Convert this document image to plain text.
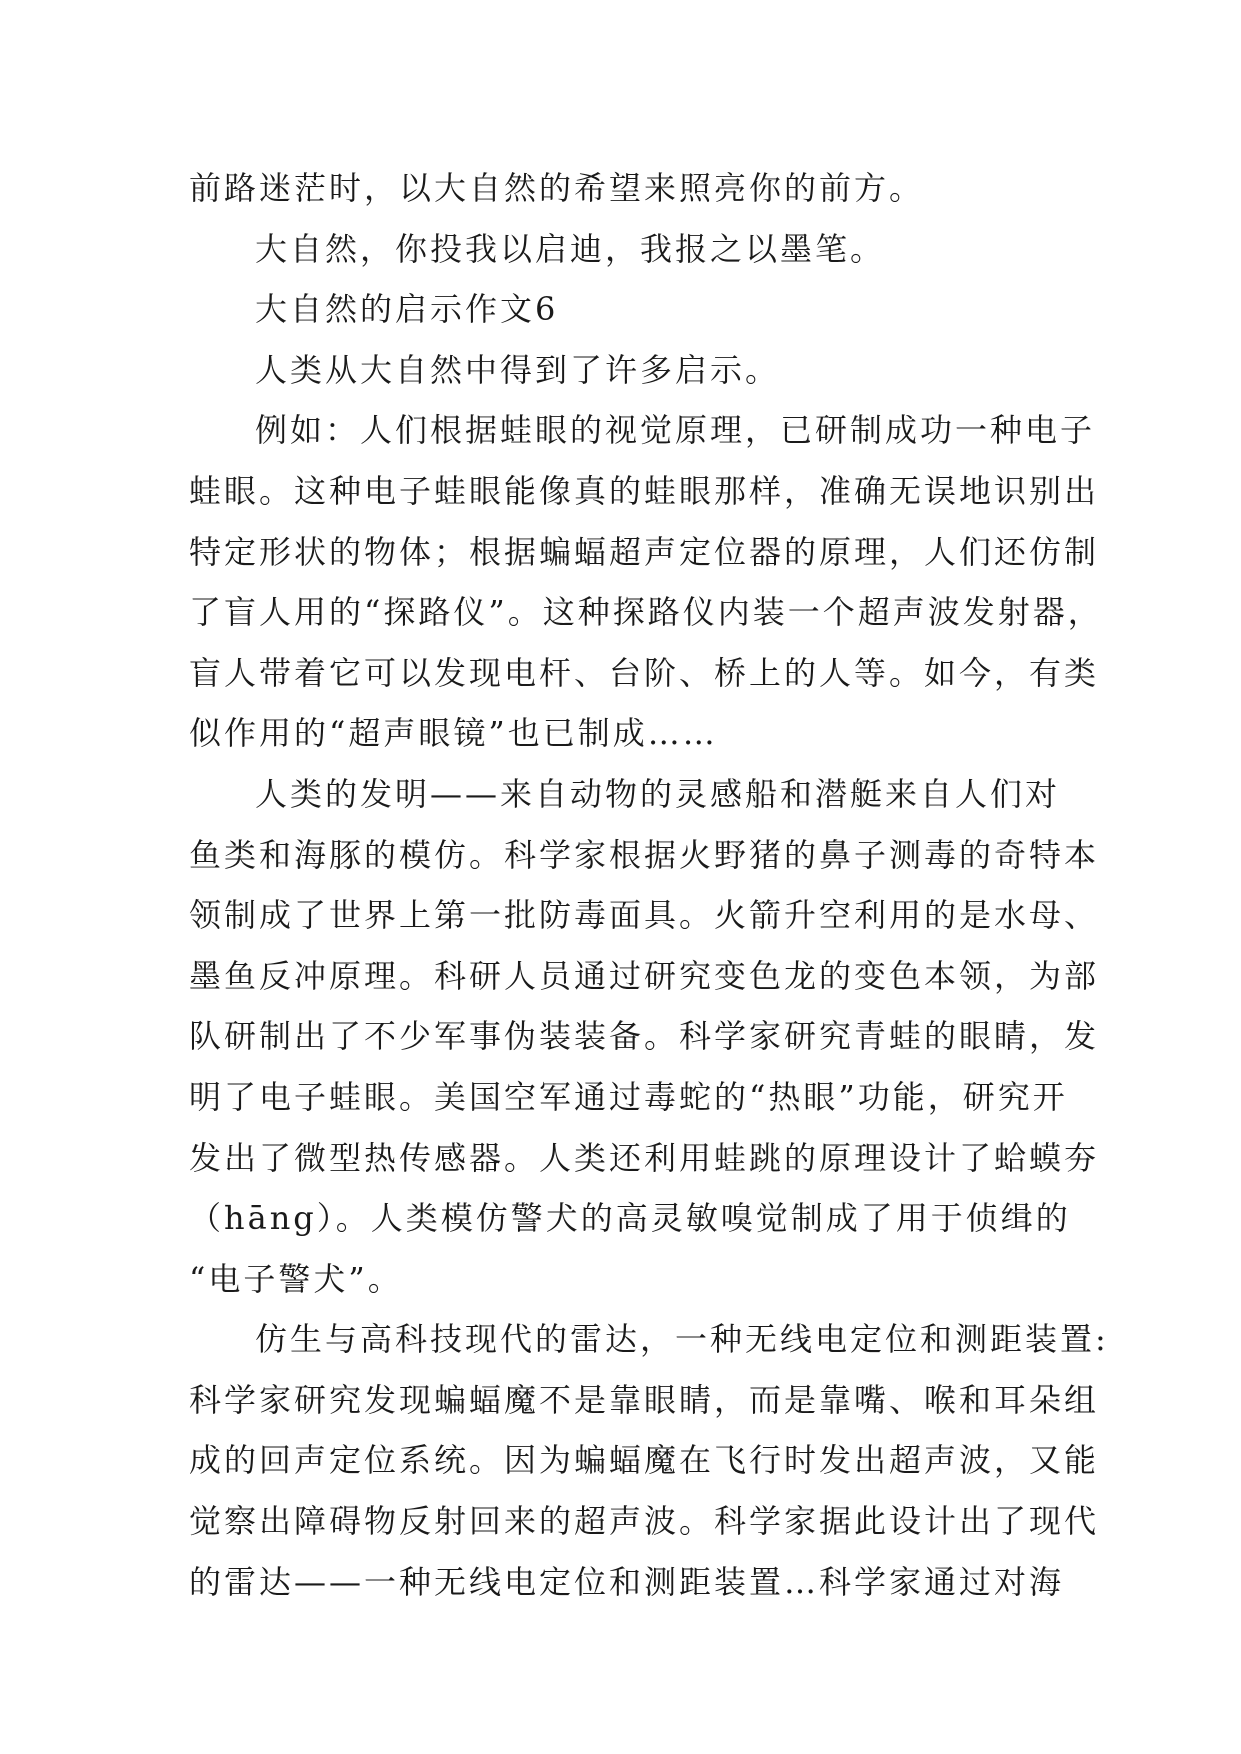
前路迷茫时，以大自然的希望来照亮你的前方。
大自然，你投我以启迪，我报之以墨笔。
大自然的启示作文6
人类从大自然中得到了许多启示。
例如：人们根据蛙眼的视觉原理，已研制成功一种电子
蛙眼。这种电子蛙眼能像真的蛙眼那样，准确无误地识别出
特定形状的物体；根据蝙蝠超声定位器的原理，人们还仿制
了盲人用的“探路仪”。这种探路仪内装一个超声波发射器，
盲人带着它可以发现电杆、台阶、桥上的人等。如今，有类
似作用的“超声眼镜”也已制成……
人类的发明——来自动物的灵感船和潜艇来自人们对
鱼类和海豚的模仿。科学家根据火野猪的鼻子测毒的奇特本
领制成了世界上第一批防毒面具。火箭升空利用的是水母、
墨鱼反冲原理。科研人员通过研究变色龙的变色本领，为部
队研制出了不少军事伪装装备。科学家研究青蛙的眼睛，发
明了电子蛙眼。美国空军通过毒蛇的“热眼”功能，研究开
发出了微型热传感器。人类还利用蛙跳的原理设计了蛤蟆夯
（hāng）。人类模仿警犬的高灵敏嗅觉制成了用于侦缉的
“电子警犬”。
仿生与高科技现代的雷达，一种无线电定位和测距装置:
科学家研究发现蝙蝠魔不是靠眼睛，而是靠嘴、喉和耳朵组
成的回声定位系统。因为蝙蝠魔在飞行时发出超声波，又能
觉察出障碍物反射回来的超声波。科学家据此设计出了现代
的雷达——一种无线电定位和测距装置…科学家通过对海
